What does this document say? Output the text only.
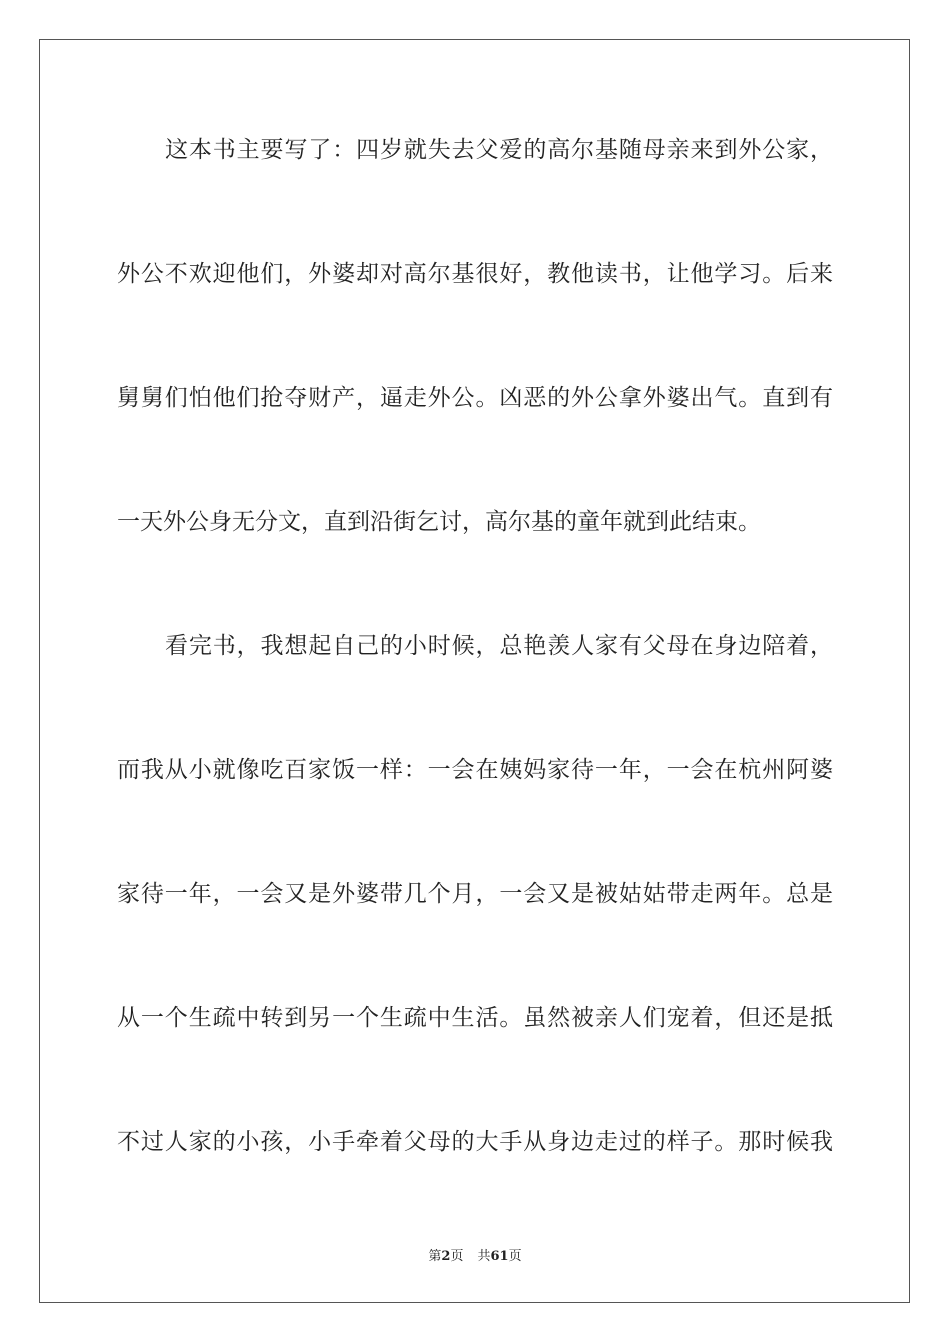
这本书主要写了：四岁就失去父爱的高尔基随母亲来到外公家，

外公不欢迎他们，外婆却对高尔基很好，教他读书，让他学习。后来

舅舅们怕他们抢夺财产，逼走外公。凶恶的外公拿外婆出气。直到有

一天外公身无分文，直到沿街乞讨，高尔基的童年就到此结束。

看完书，我想起自己的小时候，总艳羡人家有父母在身边陪着，

而我从小就像吃百家饭一样：一会在姨妈家待一年，一会在杭州阿婆

家待一年，一会又是外婆带几个月，一会又是被姑姑带走两年。总是

从一个生疏中转到另一个生疏中生活。虽然被亲人们宠着，但还是抵

不过人家的小孩，小手牵着父母的大手从身边走过的样子。那时候我

第2页 共61页
